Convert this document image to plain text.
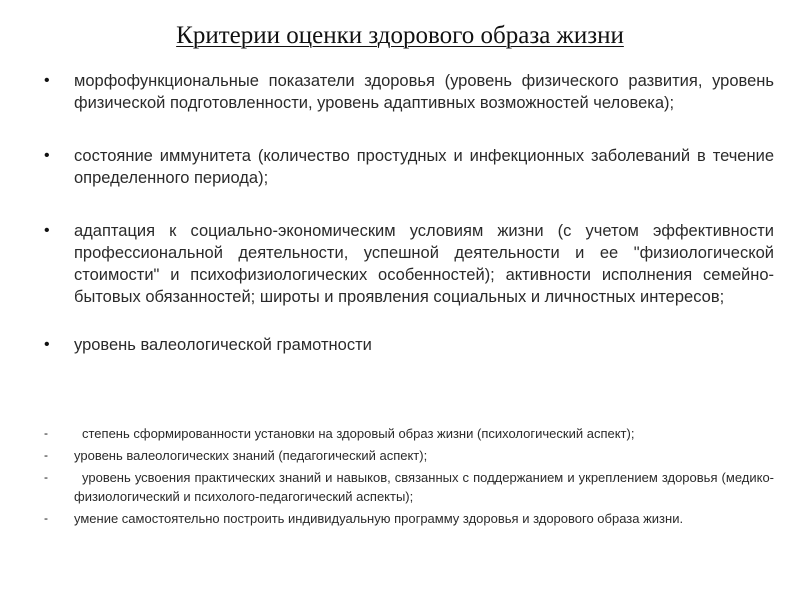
Критерии оценки здорового образа жизни
• морфофункциональные показатели здоровья (уровень физического развития, уровень физической подготовленности, уровень адаптивных возможностей человека);
• состояние иммунитета (количество простудных и инфекционных заболеваний в течение определенного периода);
• адаптация к социально-экономическим условиям жизни (с учетом эффективности профессиональной деятельности, успешной деятельности и ее "физиологической стоимости" и психофизиологических особенностей); активности исполнения семейно-бытовых обязанностей; широты и проявления социальных и личностных интересов;
• уровень валеологической грамотности
-	степень сформированности установки на здоровый образ жизни (психологический аспект);
- уровень валеологических знаний (педагогический аспект);
-	уровень усвоения практических знаний и навыков, связанных с поддержанием и укреплением здоровья (медико-физиологический и психолого-педагогический аспекты);
- умение самостоятельно построить индивидуальную программу здоровья и здорового образа жизни.
